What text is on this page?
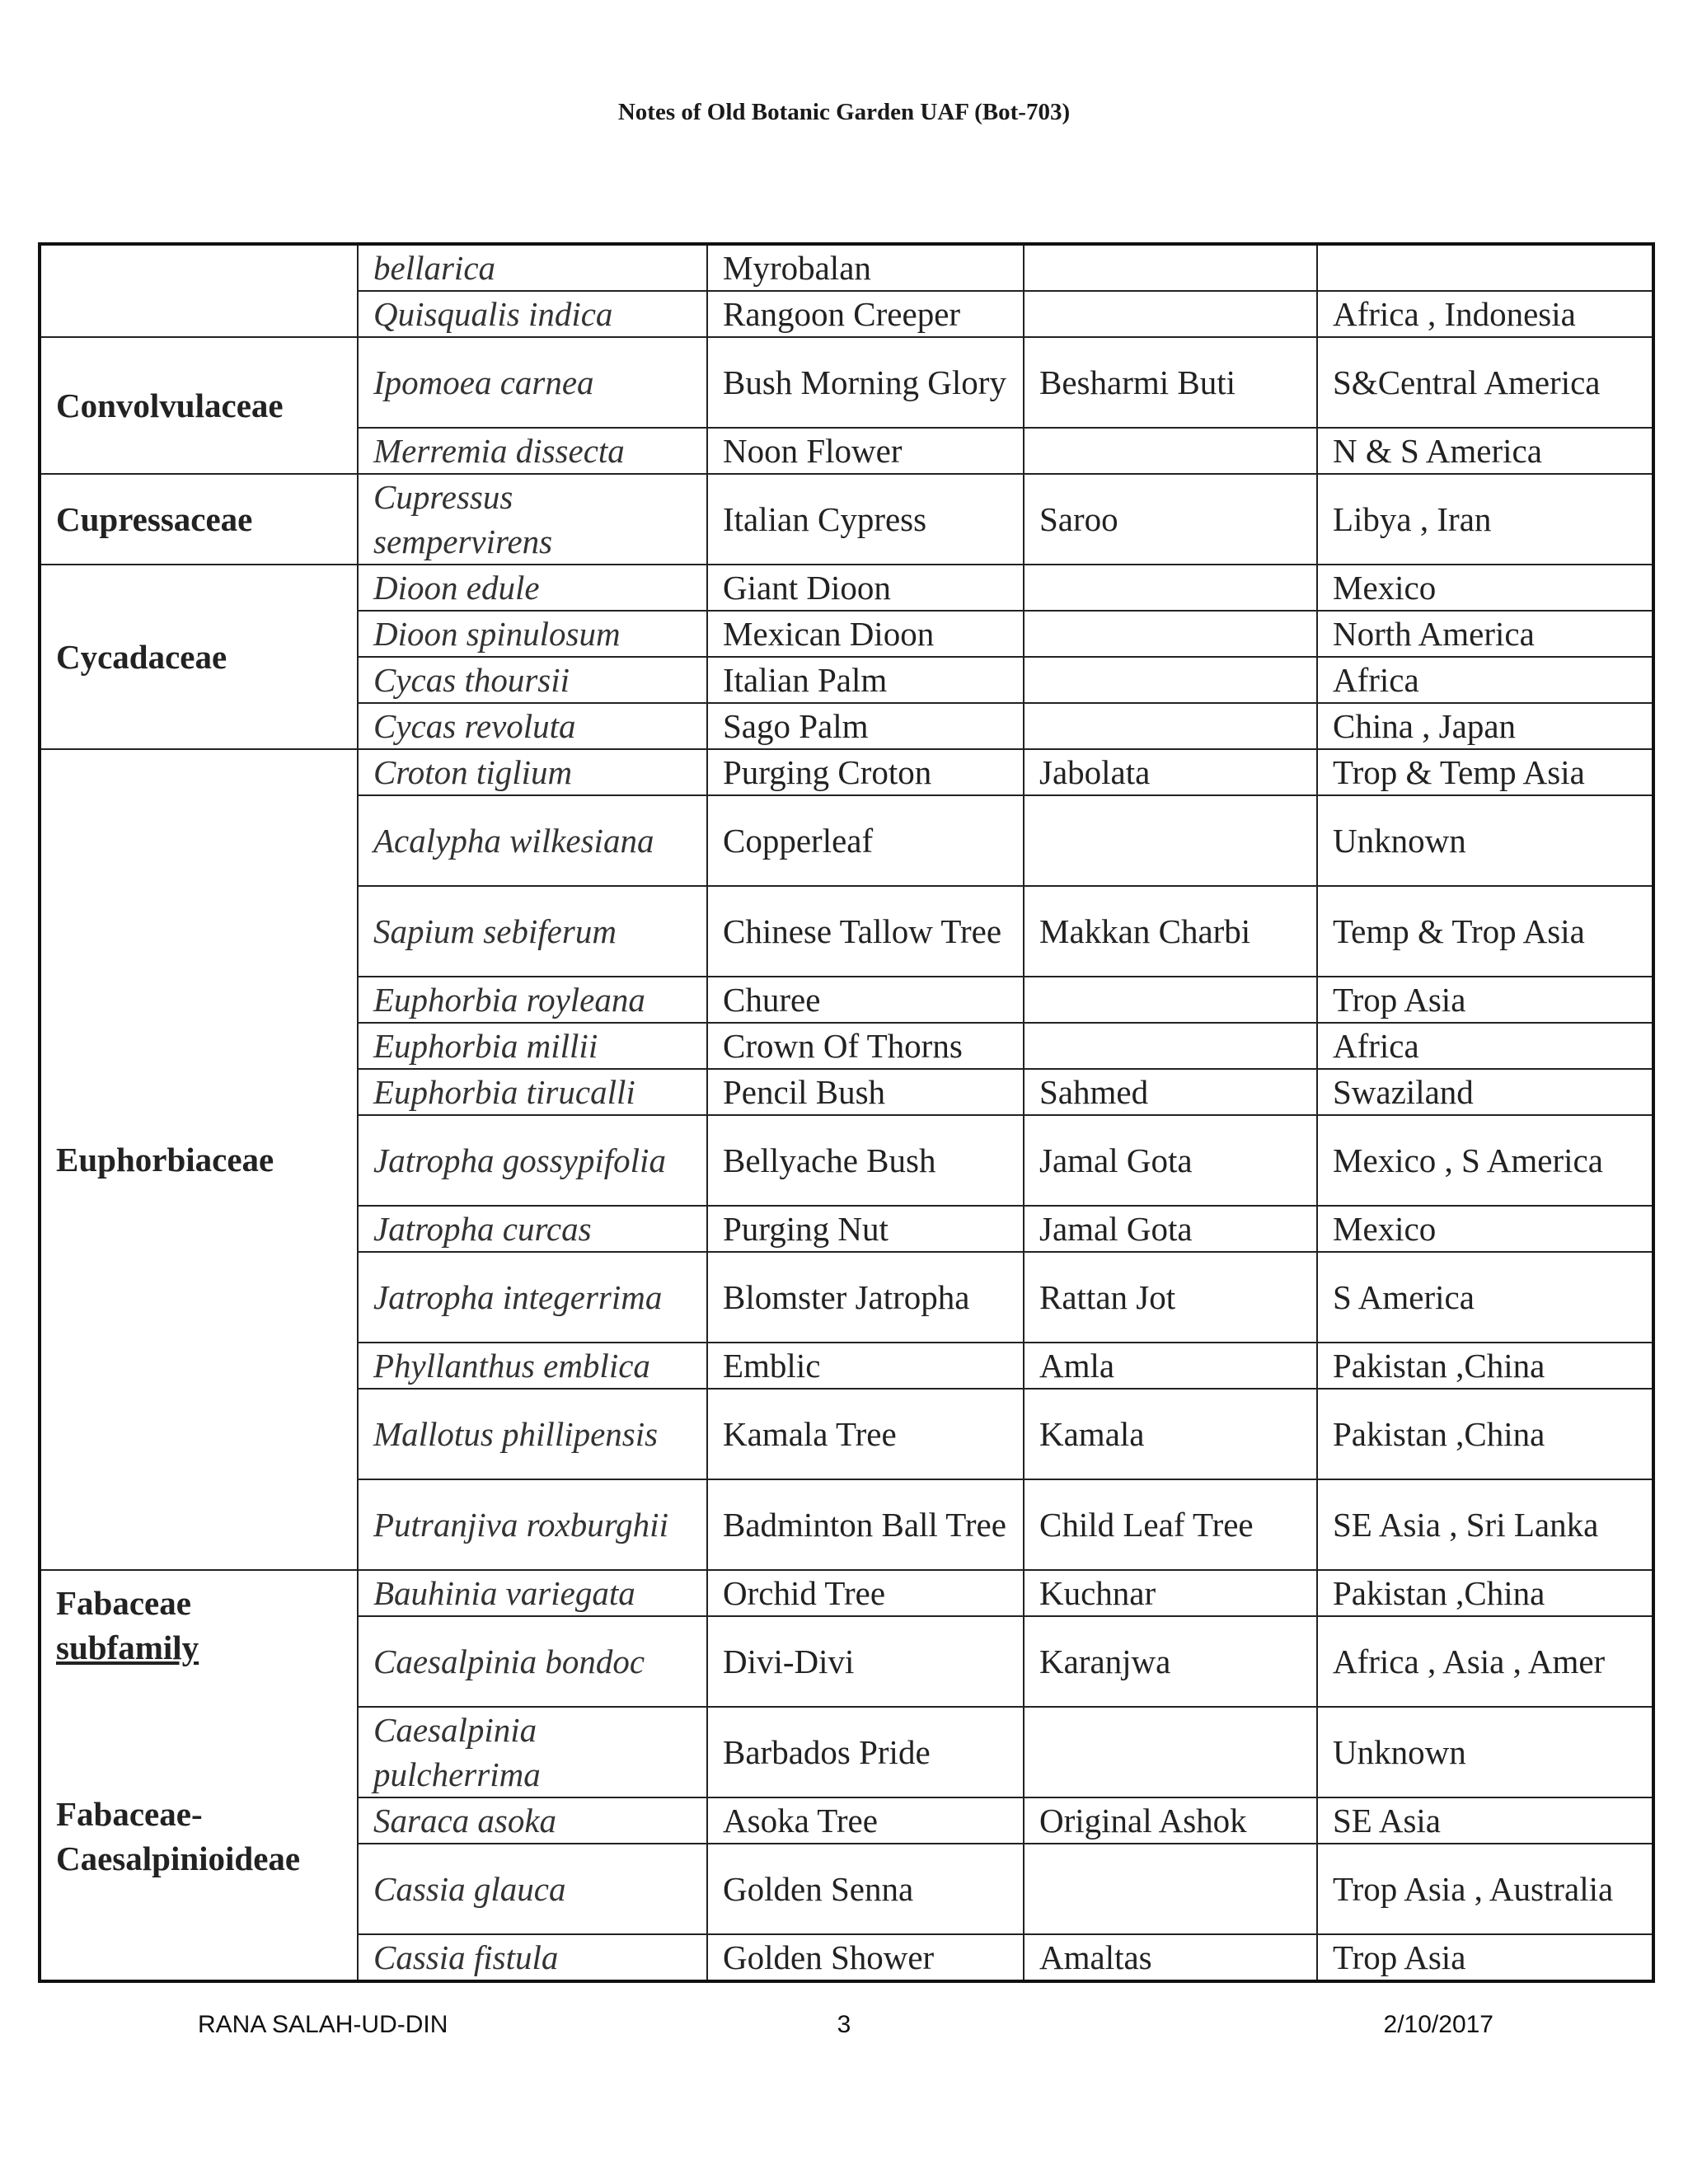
Notes of Old Botanic Garden UAF (Bot-703)
	bellarica	Myrobalan		
	Quisqualis indica	Rangoon Creeper		Africa , Indonesia
Convolvulaceae	Ipomoea carnea	Bush Morning Glory	Besharmi Buti	S&Central America
	Merremia dissecta	Noon Flower		N & S America
Cupressaceae	Cupressus sempervirens	Italian Cypress	Saroo	Libya , Iran
Cycadaceae	Dioon edule	Giant Dioon		Mexico
	Dioon spinulosum	Mexican Dioon		North America
	Cycas thoursii	Italian Palm		Africa
	Cycas revoluta	Sago Palm		China , Japan
Euphorbiaceae	Croton tiglium	Purging Croton	Jabolata	Trop & Temp Asia
	Acalypha wilkesiana	Copperleaf		Unknown
	Sapium sebiferum	Chinese Tallow Tree	Makkan Charbi	Temp & Trop Asia
	Euphorbia royleana	Churee		Trop Asia
	Euphorbia millii	Crown Of Thorns		Africa
	Euphorbia tirucalli	Pencil Bush	Sahmed	Swaziland
	Jatropha gossypifolia	Bellyache Bush	Jamal Gota	Mexico , S America
	Jatropha curcas	Purging Nut	Jamal Gota	Mexico
	Jatropha integerrima	Blomster Jatropha	Rattan Jot	S America
	Phyllanthus emblica	Emblic	Amla	Pakistan ,China
	Mallotus phillipensis	Kamala Tree	Kamala	Pakistan ,China
	Putranjiva roxburghii	Badminton Ball Tree	Child Leaf Tree	SE Asia , Sri Lanka

Fabaceae
subfamily
Fabaceae-
Caesalpinioideae	Bauhinia variegata	Orchid Tree	Kuchnar	Pakistan ,China
	Caesalpinia bondoc	Divi-Divi	Karanjwa	Africa , Asia , Amer
	Caesalpinia pulcherrima	Barbados Pride		Unknown
	Saraca asoka	Asoka Tree	Original Ashok	SE Asia
	Cassia glauca	Golden Senna		Trop Asia , Australia
	Cassia fistula	Golden Shower	Amaltas	Trop Asia
RANA SALAH-UD-DIN	3	2/10/2017
